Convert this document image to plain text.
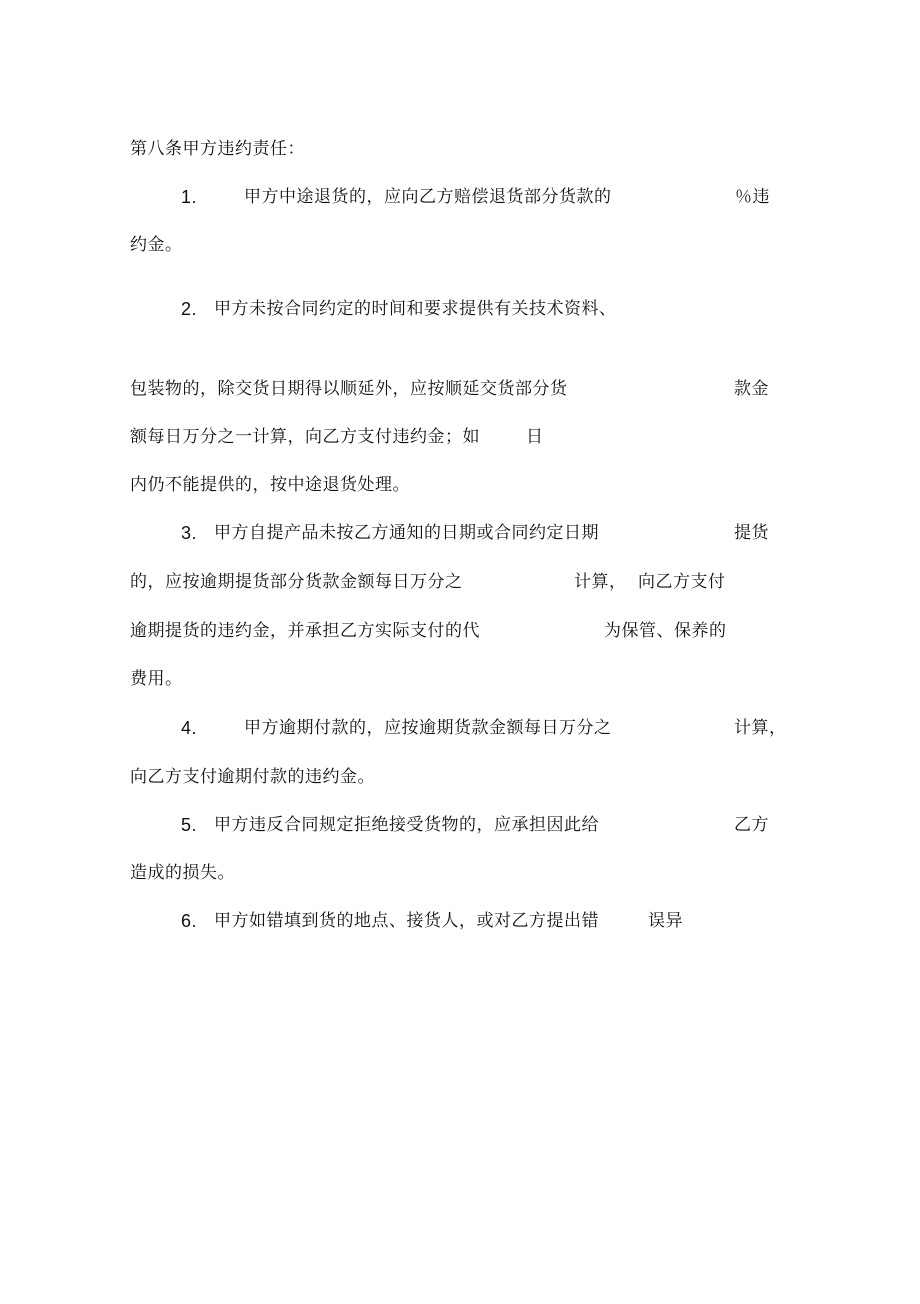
第八条甲方违约责任：
1.	甲方中途退货的，应向乙方赔偿退货部分货款的	％违
约金。
2. 甲方未按合同约定的时间和要求提供有关技术资料、
包装物的，除交货日期得以顺延外，应按顺延交货部分货	款金
额每日万分之一计算，向乙方支付违约金；如	日
内仍不能提供的，按中途退货处理。
3. 甲方自提产品未按乙方通知的日期或合同约定日期	提货
的，应按逾期提货部分货款金额每日万分之	计算， 向乙方支付
逾期提货的违约金，并承担乙方实际支付的代	为保管、保养的
费用。
4.	甲方逾期付款的，应按逾期货款金额每日万分之	计算，
向乙方支付逾期付款的违约金。
5. 甲方违反合同规定拒绝接受货物的，应承担因此给	乙方
造成的损失。
6. 甲方如错填到货的地点、接货人，或对乙方提出错	误异
